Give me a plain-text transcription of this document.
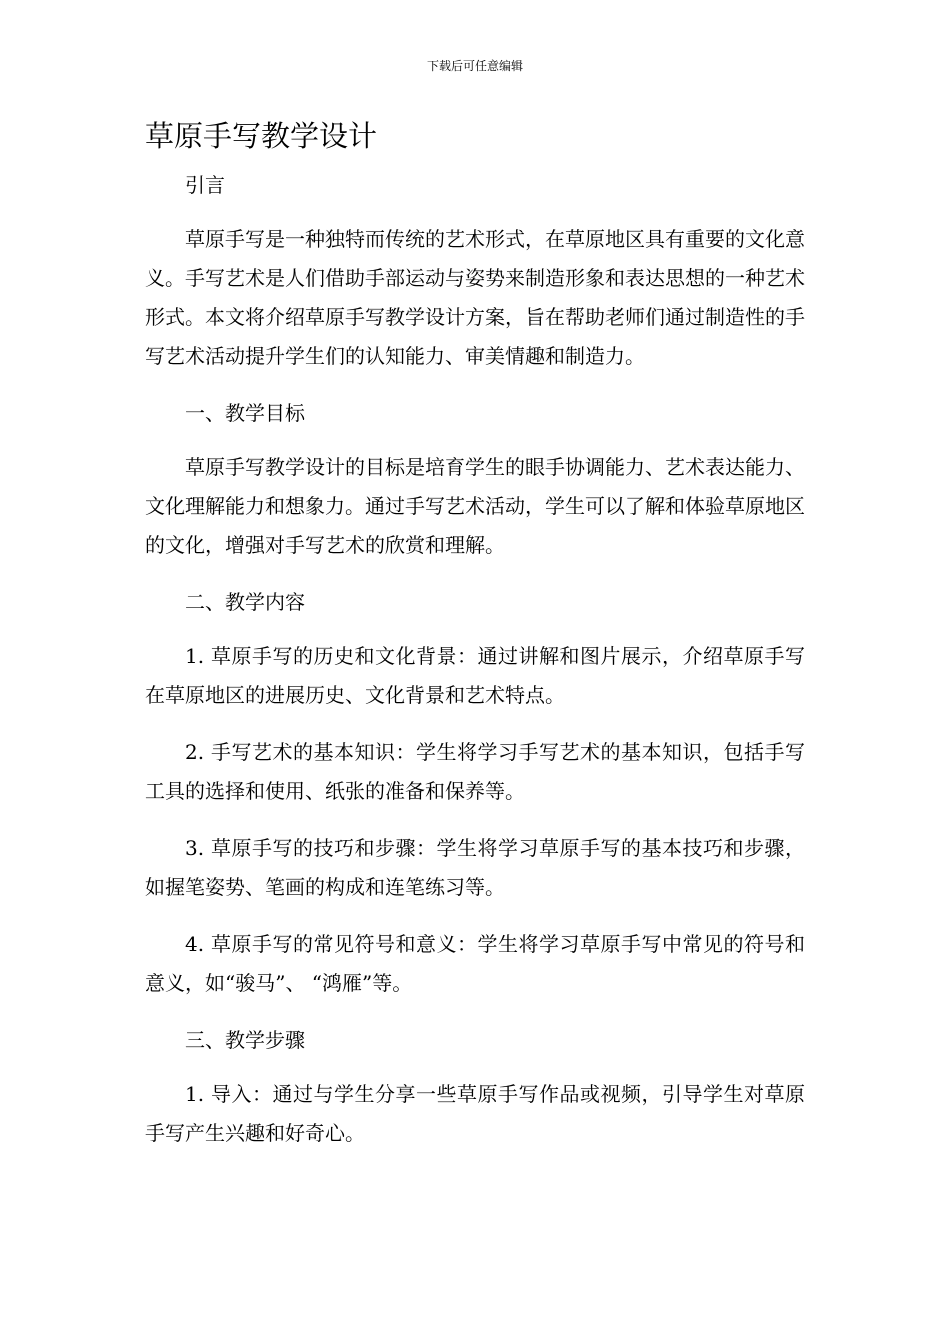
下载后可任意编辑
草原手写教学设计

引言

草原手写是一种独特而传统的艺术形式，在草原地区具有重要的文化意义。手写艺术是人们借助手部运动与姿势来制造形象和表达思想的一种艺术形式。本文将介绍草原手写教学设计方案，旨在帮助老师们通过制造性的手写艺术活动提升学生们的认知能力、审美情趣和制造力。

一、教学目标

草原手写教学设计的目标是培育学生的眼手协调能力、艺术表达能力、文化理解能力和想象力。通过手写艺术活动，学生可以了解和体验草原地区的文化，增强对手写艺术的欣赏和理解。

二、教学内容

1. 草原手写的历史和文化背景：通过讲解和图片展示，介绍草原手写在草原地区的进展历史、文化背景和艺术特点。

2. 手写艺术的基本知识：学生将学习手写艺术的基本知识，包括手写工具的选择和使用、纸张的准备和保养等。

3. 草原手写的技巧和步骤：学生将学习草原手写的基本技巧和步骤，如握笔姿势、笔画的构成和连笔练习等。

4. 草原手写的常见符号和意义：学生将学习草原手写中常见的符号和意义，如“骏马”、 “鸿雁”等。

三、教学步骤

1. 导入：通过与学生分享一些草原手写作品或视频，引导学生对草原手写产生兴趣和好奇心。
